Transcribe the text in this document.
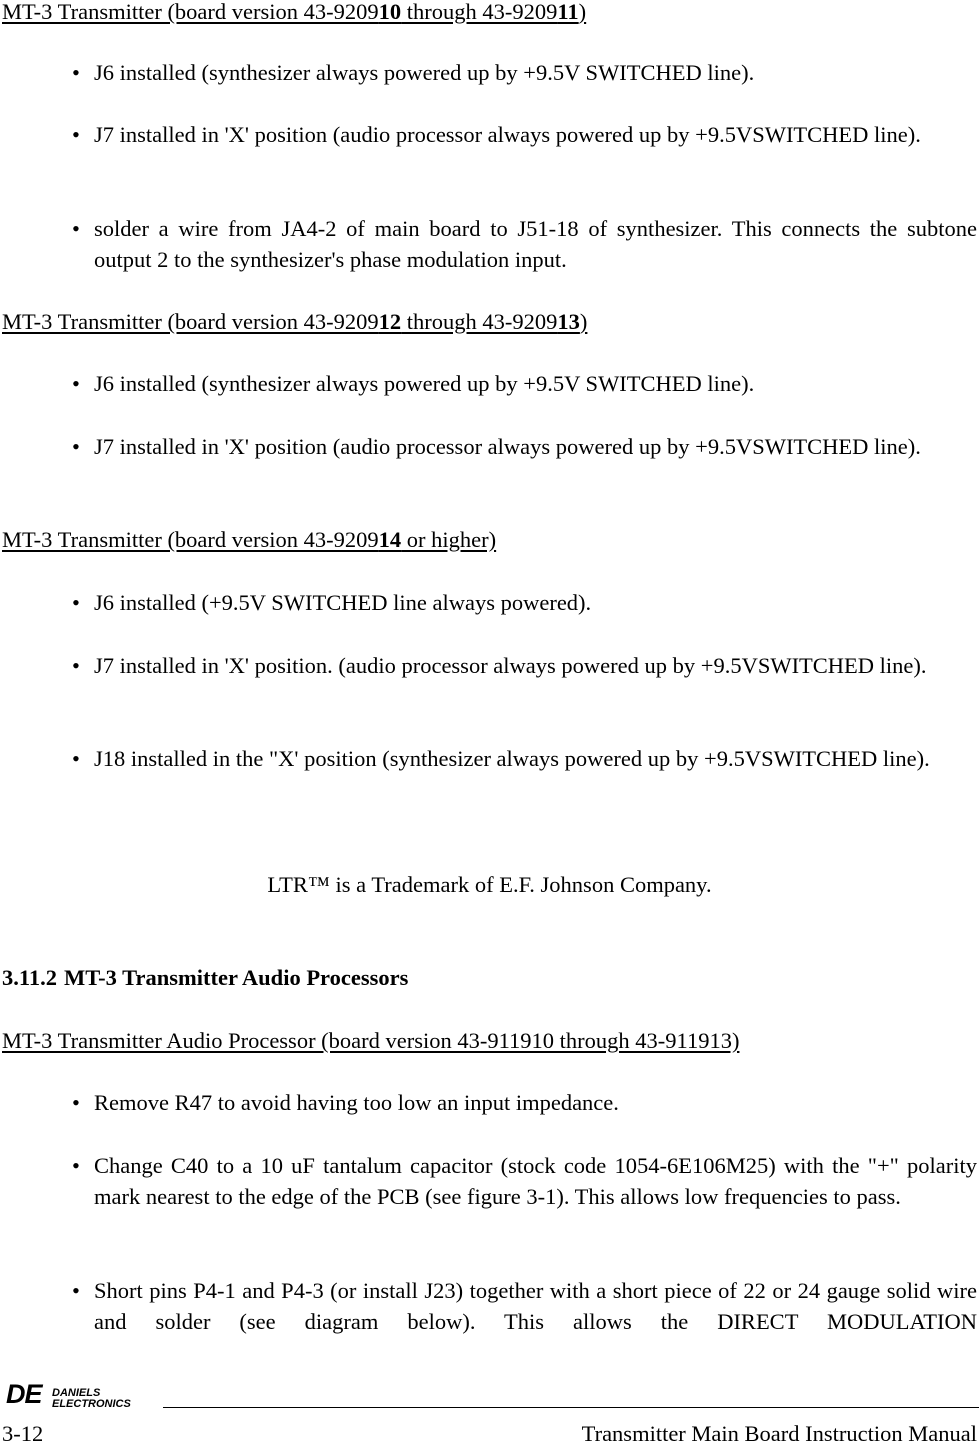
MT-3 Transmitter (board version 43-920910 through 43-920911)
• J6 installed (synthesizer always powered up by +9.5V SWITCHED line).
• J7 installed in 'X' position (audio processor always powered up by +9.5VSWITCHED line).
• solder a wire from JA4-2 of main board to J51-18 of synthesizer. This connects the subtone output 2 to the synthesizer's phase modulation input.
MT-3 Transmitter (board version 43-920912 through 43-920913)
• J6 installed (synthesizer always powered up by +9.5V SWITCHED line).
• J7 installed in 'X' position (audio processor always powered up by +9.5VSWITCHED line).
MT-3 Transmitter (board version 43-920914 or higher)
• J6 installed (+9.5V SWITCHED line always powered).
• J7 installed in 'X' position. (audio processor always powered up by +9.5VSWITCHED line).
• J18 installed in the "X' position (synthesizer always powered up by +9.5VSWITCHED line).
LTR™ is a Trademark of E.F. Johnson Company.
3.11.2 MT-3 Transmitter Audio Processors
MT-3 Transmitter Audio Processor (board version 43-911910 through 43-911913)
• Remove R47 to avoid having too low an input impedance.
• Change C40 to a 10 uF tantalum capacitor (stock code 1054-6E106M25) with the "+" polarity mark nearest to the edge of the PCB (see figure 3-1). This allows low frequencies to pass.
• Short pins P4-1 and P4-3 (or install J23) together with a short piece of 22 or 24 gauge solid wire and solder (see diagram below). This allows the DIRECT MODULATION
DE DANIELS
ELECTRONICS
3-12	Transmitter Main Board Instruction Manual
